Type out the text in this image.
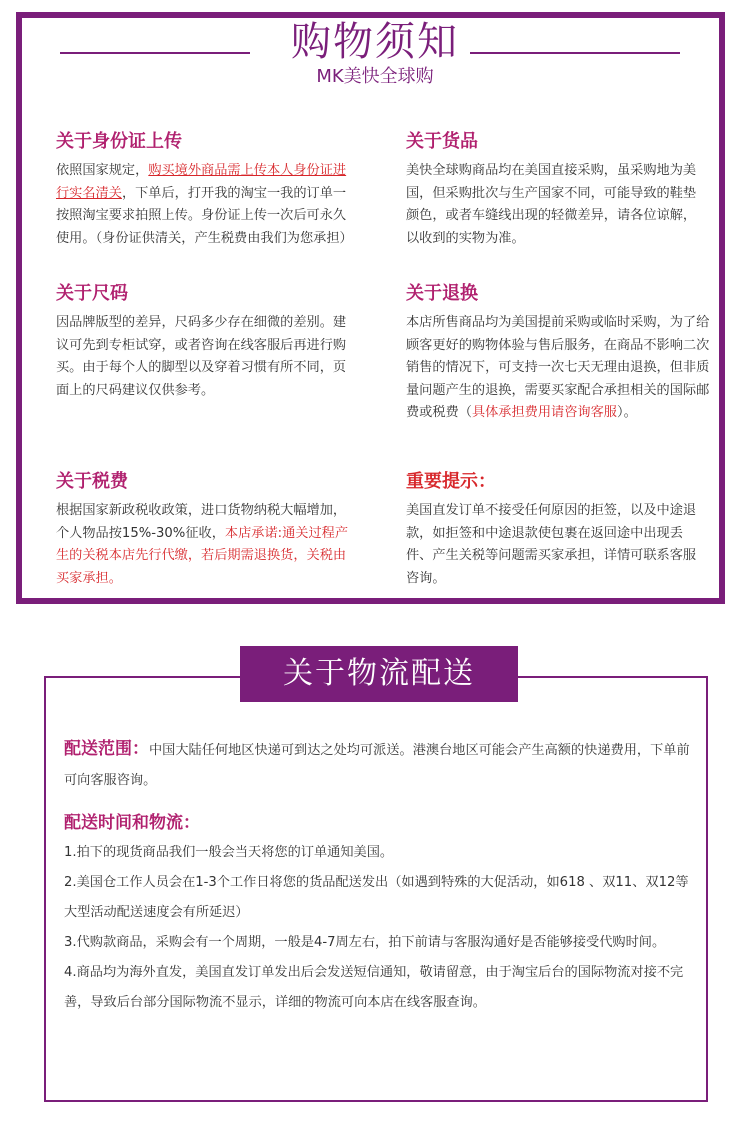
购物须知
MK美快全球购
关于身份证上传
依照国家规定，购买境外商品需上传本人身份证进行实名清关，下单后，打开我的淘宝一我的订单一按照淘宝要求拍照上传。身份证上传一次后可永久使用。（身份证供清关，产生税费由我们为您承担）
关于货品
美快全球购商品均在美国直接采购，虽采购地为美国，但采购批次与生产国家不同，可能导致的鞋垫颜色，或者车缝线出现的轻微差异，请各位谅解，以收到的实物为准。
关于尺码
因品牌版型的差异，尺码多少存在细微的差别。建议可先到专柜试穿，或者咨询在线客服后再进行购买。由于每个人的脚型以及穿着习惯有所不同，页面上的尺码建议仅供参考。
关于退换
本店所售商品均为美国提前采购或临时采购，为了给顾客更好的购物体验与售后服务，在商品不影响二次销售的情况下，可支持一次七天无理由退换，但非质量问题产生的退换，需要买家配合承担相关的国际邮费或税费（具体承担费用请咨询客服）。
关于税费
根据国家新政税收政策，进口货物纳税大幅增加，个人物品按15%-30%征收，本店承诺:通关过程产生的关税本店先行代缴，若后期需退换货，关税由买家承担。
重要提示：
美国直发订单不接受任何原因的拒签，以及中途退款，如拒签和中途退款使包裹在返回途中出现丢件、产生关税等问题需买家承担，详情可联系客服咨询。
关于物流配送

配送范围：中国大陆任何地区快递可到达之处均可派送。港澳台地区可能会产生高额的快递费用，下单前可向客服咨询。

配送时间和物流：

1.拍下的现货商品我们一般会当天将您的订单通知美国。

2.美国仓工作人员会在1-3个工作日将您的货品配送发出（如遇到特殊的大促活动，如618 、双11、双12等大型活动配送速度会有所延迟）

3.代购款商品，采购会有一个周期，一般是4-7周左右，拍下前请与客服沟通好是否能够接受代购时间。

4.商品均为海外直发，美国直发订单发出后会发送短信通知，敬请留意，由于淘宝后台的国际物流对接不完善，导致后台部分国际物流不显示，详细的物流可向本店在线客服查询。
